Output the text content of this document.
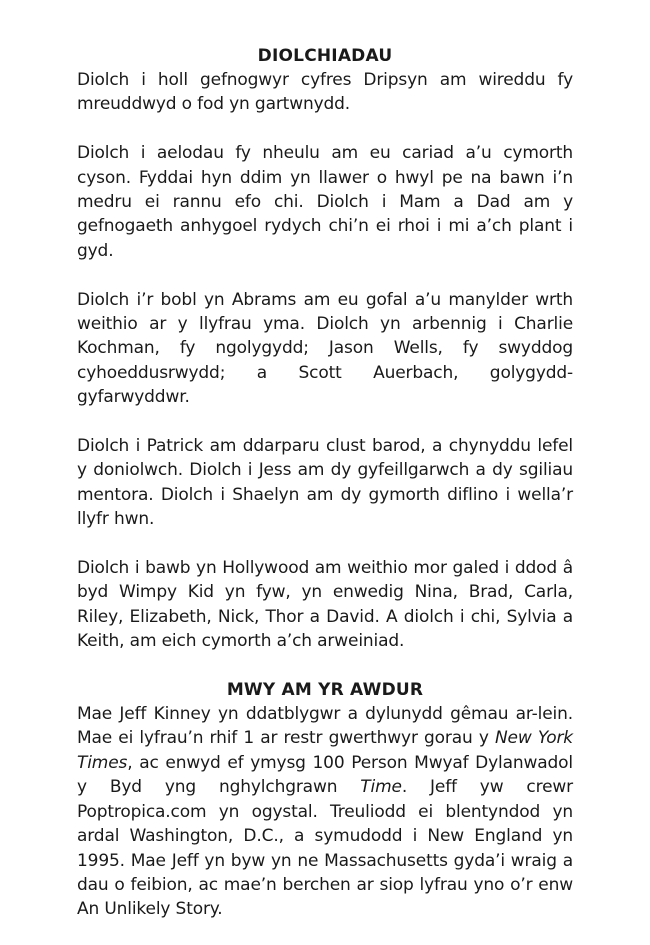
DIOLCHIADAU

Diolch i holl gefnogwyr cyfres Dripsyn am wireddu fy mreuddwyd o fod yn gartwnydd.

Diolch i aelodau fy nheulu am eu cariad a’u cymorth cyson. Fyddai hyn ddim yn llawer o hwyl pe na bawn i’n medru ei rannu efo chi. Diolch i Mam a Dad am y gefnogaeth anhygoel rydych chi’n ei rhoi i mi a’ch plant i gyd.

Diolch i’r bobl yn Abrams am eu gofal a’u manylder wrth weithio ar y llyfrau yma. Diolch yn arbennig i Charlie Kochman, fy ngolygydd; Jason Wells, fy swyddog cyhoeddusrwydd; a Scott Auerbach, golygydd-gyfarwyddwr.

Diolch i Patrick am ddarparu clust barod, a chynyddu lefel y doniolwch. Diolch i Jess am dy gyfeillgarwch a dy sgiliau mentora. Diolch i Shaelyn am dy gymorth diflino i wella’r llyfr hwn.

Diolch i bawb yn Hollywood am weithio mor galed i ddod â byd Wimpy Kid yn fyw, yn enwedig Nina, Brad, Carla, Riley, Elizabeth, Nick, Thor a David. A diolch i chi, Sylvia a Keith, am eich cymorth a’ch arweiniad.

MWY AM YR AWDUR

Mae Jeff Kinney yn ddatblygwr a dylunydd gêmau ar-lein. Mae ei lyfrau’n rhif 1 ar restr gwerthwyr gorau y New York Times, ac enwyd ef ymysg 100 Person Mwyaf Dylanwadol y Byd yng nghylchgrawn Time. Jeff yw crewr Poptropica.com yn ogystal. Treuliodd ei blentyndod yn ardal Washington, D.C., a symudodd i New England yn 1995. Mae Jeff yn byw yn ne Massachusetts gyda’i wraig a dau o feibion, ac mae’n berchen ar siop lyfrau yno o’r enw An Unlikely Story.
